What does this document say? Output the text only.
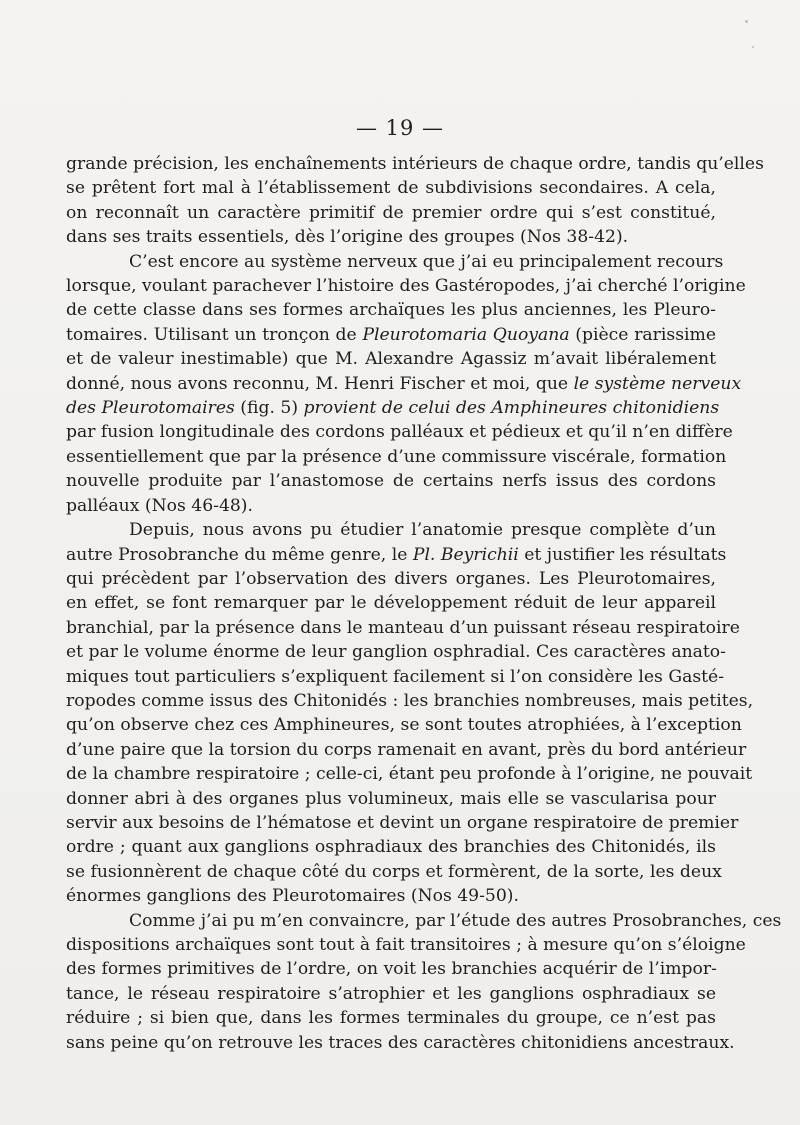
— 19 —
grande précision, les enchaînements intérieurs de chaque ordre, tandis qu’elles
se prêtent fort mal à l’établissement de subdivisions secondaires. A cela,
on reconnaît un caractère primitif de premier ordre qui s’est constitué,
dans ses traits essentiels, dès l’origine des groupes (Nos 38-42).
C’est encore au système nerveux que j’ai eu principalement recours
lorsque, voulant parachever l’histoire des Gastéropodes, j’ai cherché l’origine
de cette classe dans ses formes archaïques les plus anciennes, les Pleuro-
tomaires. Utilisant un tronçon de Pleurotomaria Quoyana (pièce rarissime
et de valeur inestimable) que M. Alexandre Agassiz m’avait libéralement
donné, nous avons reconnu, M. Henri Fischer et moi, que le système nerveux
des Pleurotomaires (fig. 5) provient de celui des Amphineures chitonidiens
par fusion longitudinale des cordons palléaux et pédieux et qu’il n’en diffère
essentiellement que par la présence d’une commissure viscérale, formation
nouvelle produite par l’anastomose de certains nerfs issus des cordons
palléaux (Nos 46-48).
Depuis, nous avons pu étudier l’anatomie presque complète d’un
autre Prosobranche du même genre, le Pl. Beyrichii et justifier les résultats
qui précèdent par l’observation des divers organes. Les Pleurotomaires,
en effet, se font remarquer par le développement réduit de leur appareil
branchial, par la présence dans le manteau d’un puissant réseau respiratoire
et par le volume énorme de leur ganglion osphradial. Ces caractères anato-
miques tout particuliers s’expliquent facilement si l’on considère les Gasté-
ropodes comme issus des Chitonidés : les branchies nombreuses, mais petites,
qu’on observe chez ces Amphineures, se sont toutes atrophiées, à l’exception
d’une paire que la torsion du corps ramenait en avant, près du bord antérieur
de la chambre respiratoire ; celle-ci, étant peu profonde à l’origine, ne pouvait
donner abri à des organes plus volumineux, mais elle se vascularisa pour
servir aux besoins de l’hématose et devint un organe respiratoire de premier
ordre ; quant aux ganglions osphradiaux des branchies des Chitonidés, ils
se fusionnèrent de chaque côté du corps et formèrent, de la sorte, les deux
énormes ganglions des Pleurotomaires (Nos 49-50).
Comme j’ai pu m’en convaincre, par l’étude des autres Prosobranches, ces
dispositions archaïques sont tout à fait transitoires ; à mesure qu’on s’éloigne
des formes primitives de l’ordre, on voit les branchies acquérir de l’impor-
tance, le réseau respiratoire s’atrophier et les ganglions osphradiaux se
réduire ; si bien que, dans les formes terminales du groupe, ce n’est pas
sans peine qu’on retrouve les traces des caractères chitonidiens ancestraux.
